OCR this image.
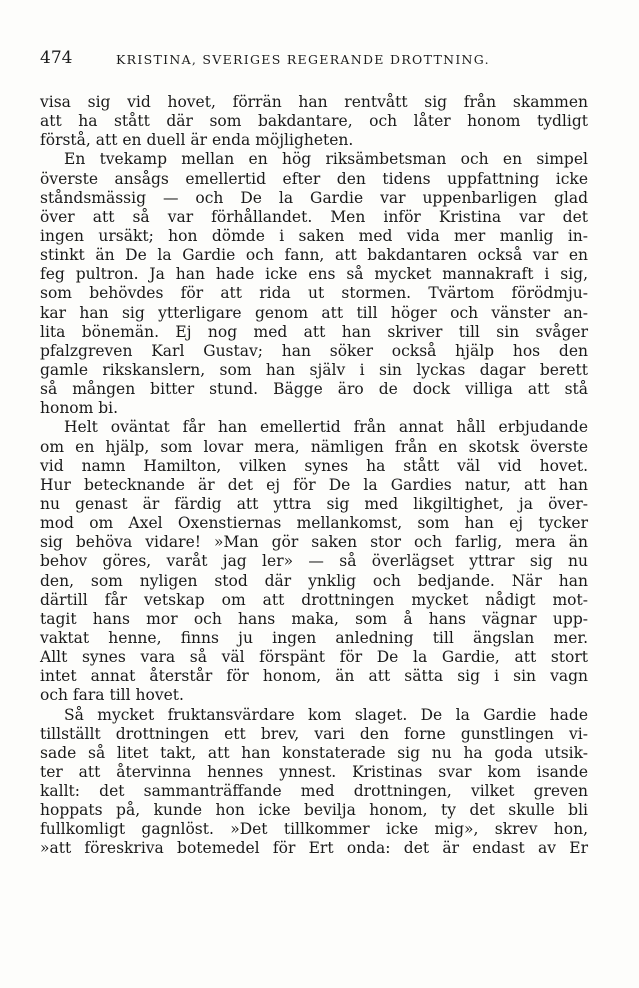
474	KRISTINA, SVERIGES REGERANDE DROTTNING.
visa sig vid hovet, förrän han rentvått sig från skammen
att ha stått där som bakdantare, och låter honom tydligt
förstå, att en duell är enda möjligheten.
En tvekamp mellan en hög riksämbetsman och en simpel
överste ansågs emellertid efter den tidens uppfattning icke
ståndsmässig — och De la Gardie var uppenbarligen glad
över att så var förhållandet. Men inför Kristina var det
ingen ursäkt; hon dömde i saken med vida mer manlig in-
stinkt än De la Gardie och fann, att bakdantaren också var en
feg pultron. Ja han hade icke ens så mycket mannakraft i sig,
som behövdes för att rida ut stormen. Tvärtom förödmju-
kar han sig ytterligare genom att till höger och vänster an-
lita bönemän. Ej nog med att han skriver till sin svåger
pfalzgreven Karl Gustav; han söker också hjälp hos den
gamle rikskanslern, som han själv i sin lyckas dagar berett
så mången bitter stund. Bägge äro de dock villiga att stå
honom bi.
Helt oväntat får han emellertid från annat håll erbjudande
om en hjälp, som lovar mera, nämligen från en skotsk överste
vid namn Hamilton, vilken synes ha stått väl vid hovet.
Hur betecknande är det ej för De la Gardies natur, att han
nu genast är färdig att yttra sig med likgiltighet, ja över-
mod om Axel Oxenstiernas mellankomst, som han ej tycker
sig behöva vidare! »Man gör saken stor och farlig, mera än
behov göres, varåt jag ler» — så överlägset yttrar sig nu
den, som nyligen stod där ynklig och bedjande. När han
därtill får vetskap om att drottningen mycket nådigt mot-
tagit hans mor och hans maka, som å hans vägnar upp-
vaktat henne, finns ju ingen anledning till ängslan mer.
Allt synes vara så väl förspänt för De la Gardie, att stort
intet annat återstår för honom, än att sätta sig i sin vagn
och fara till hovet.
Så mycket fruktansvärdare kom slaget. De la Gardie hade
tillställt drottningen ett brev, vari den forne gunstlingen vi-
sade så litet takt, att han konstaterade sig nu ha goda utsik-
ter att återvinna hennes ynnest. Kristinas svar kom isande
kallt: det sammanträffande med drottningen, vilket greven
hoppats på, kunde hon icke bevilja honom, ty det skulle bli
fullkomligt gagnlöst. »Det tillkommer icke mig», skrev hon,
»att föreskriva botemedel för Ert onda: det är endast av Er
